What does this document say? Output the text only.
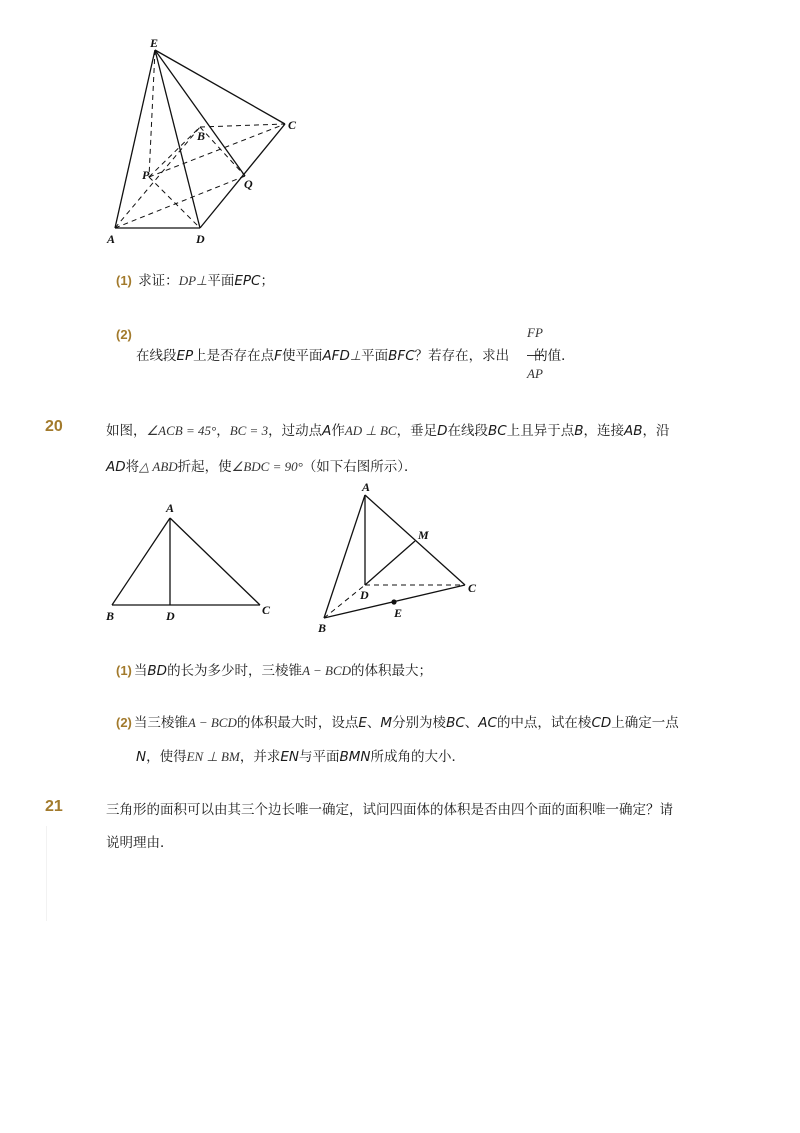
E
B
C
P
Q
A	D
(1) 求证：DP⊥平面EPC；
(2)	FP
AP
在线段EP上是否存在点F使平面AFD⊥平面BFC？若存在，求出 的值．
20	如图，∠ACB = 45°，BC = 3，过动点A作AD ⊥ BC，垂足D在线段BC上且异于点B，连接AB，沿
AD将△ ABD折起，使∠BDC = 90°（如下右图所示）．
A
B	D	C
A
M
D	C
B
E
(1) 当BD的长为多少时，三棱锥A − BCD的体积最大；
(2) 当三棱锥A − BCD的体积最大时，设点E、M分别为棱BC、AC的中点，试在棱CD上确定一点
N，使得EN ⊥ BM，并求EN与平面BMN所成角的大小．
21	三角形的面积可以由其三个边长唯一确定，试问四面体的体积是否由四个面的面积唯一确定？请
说明理由．
